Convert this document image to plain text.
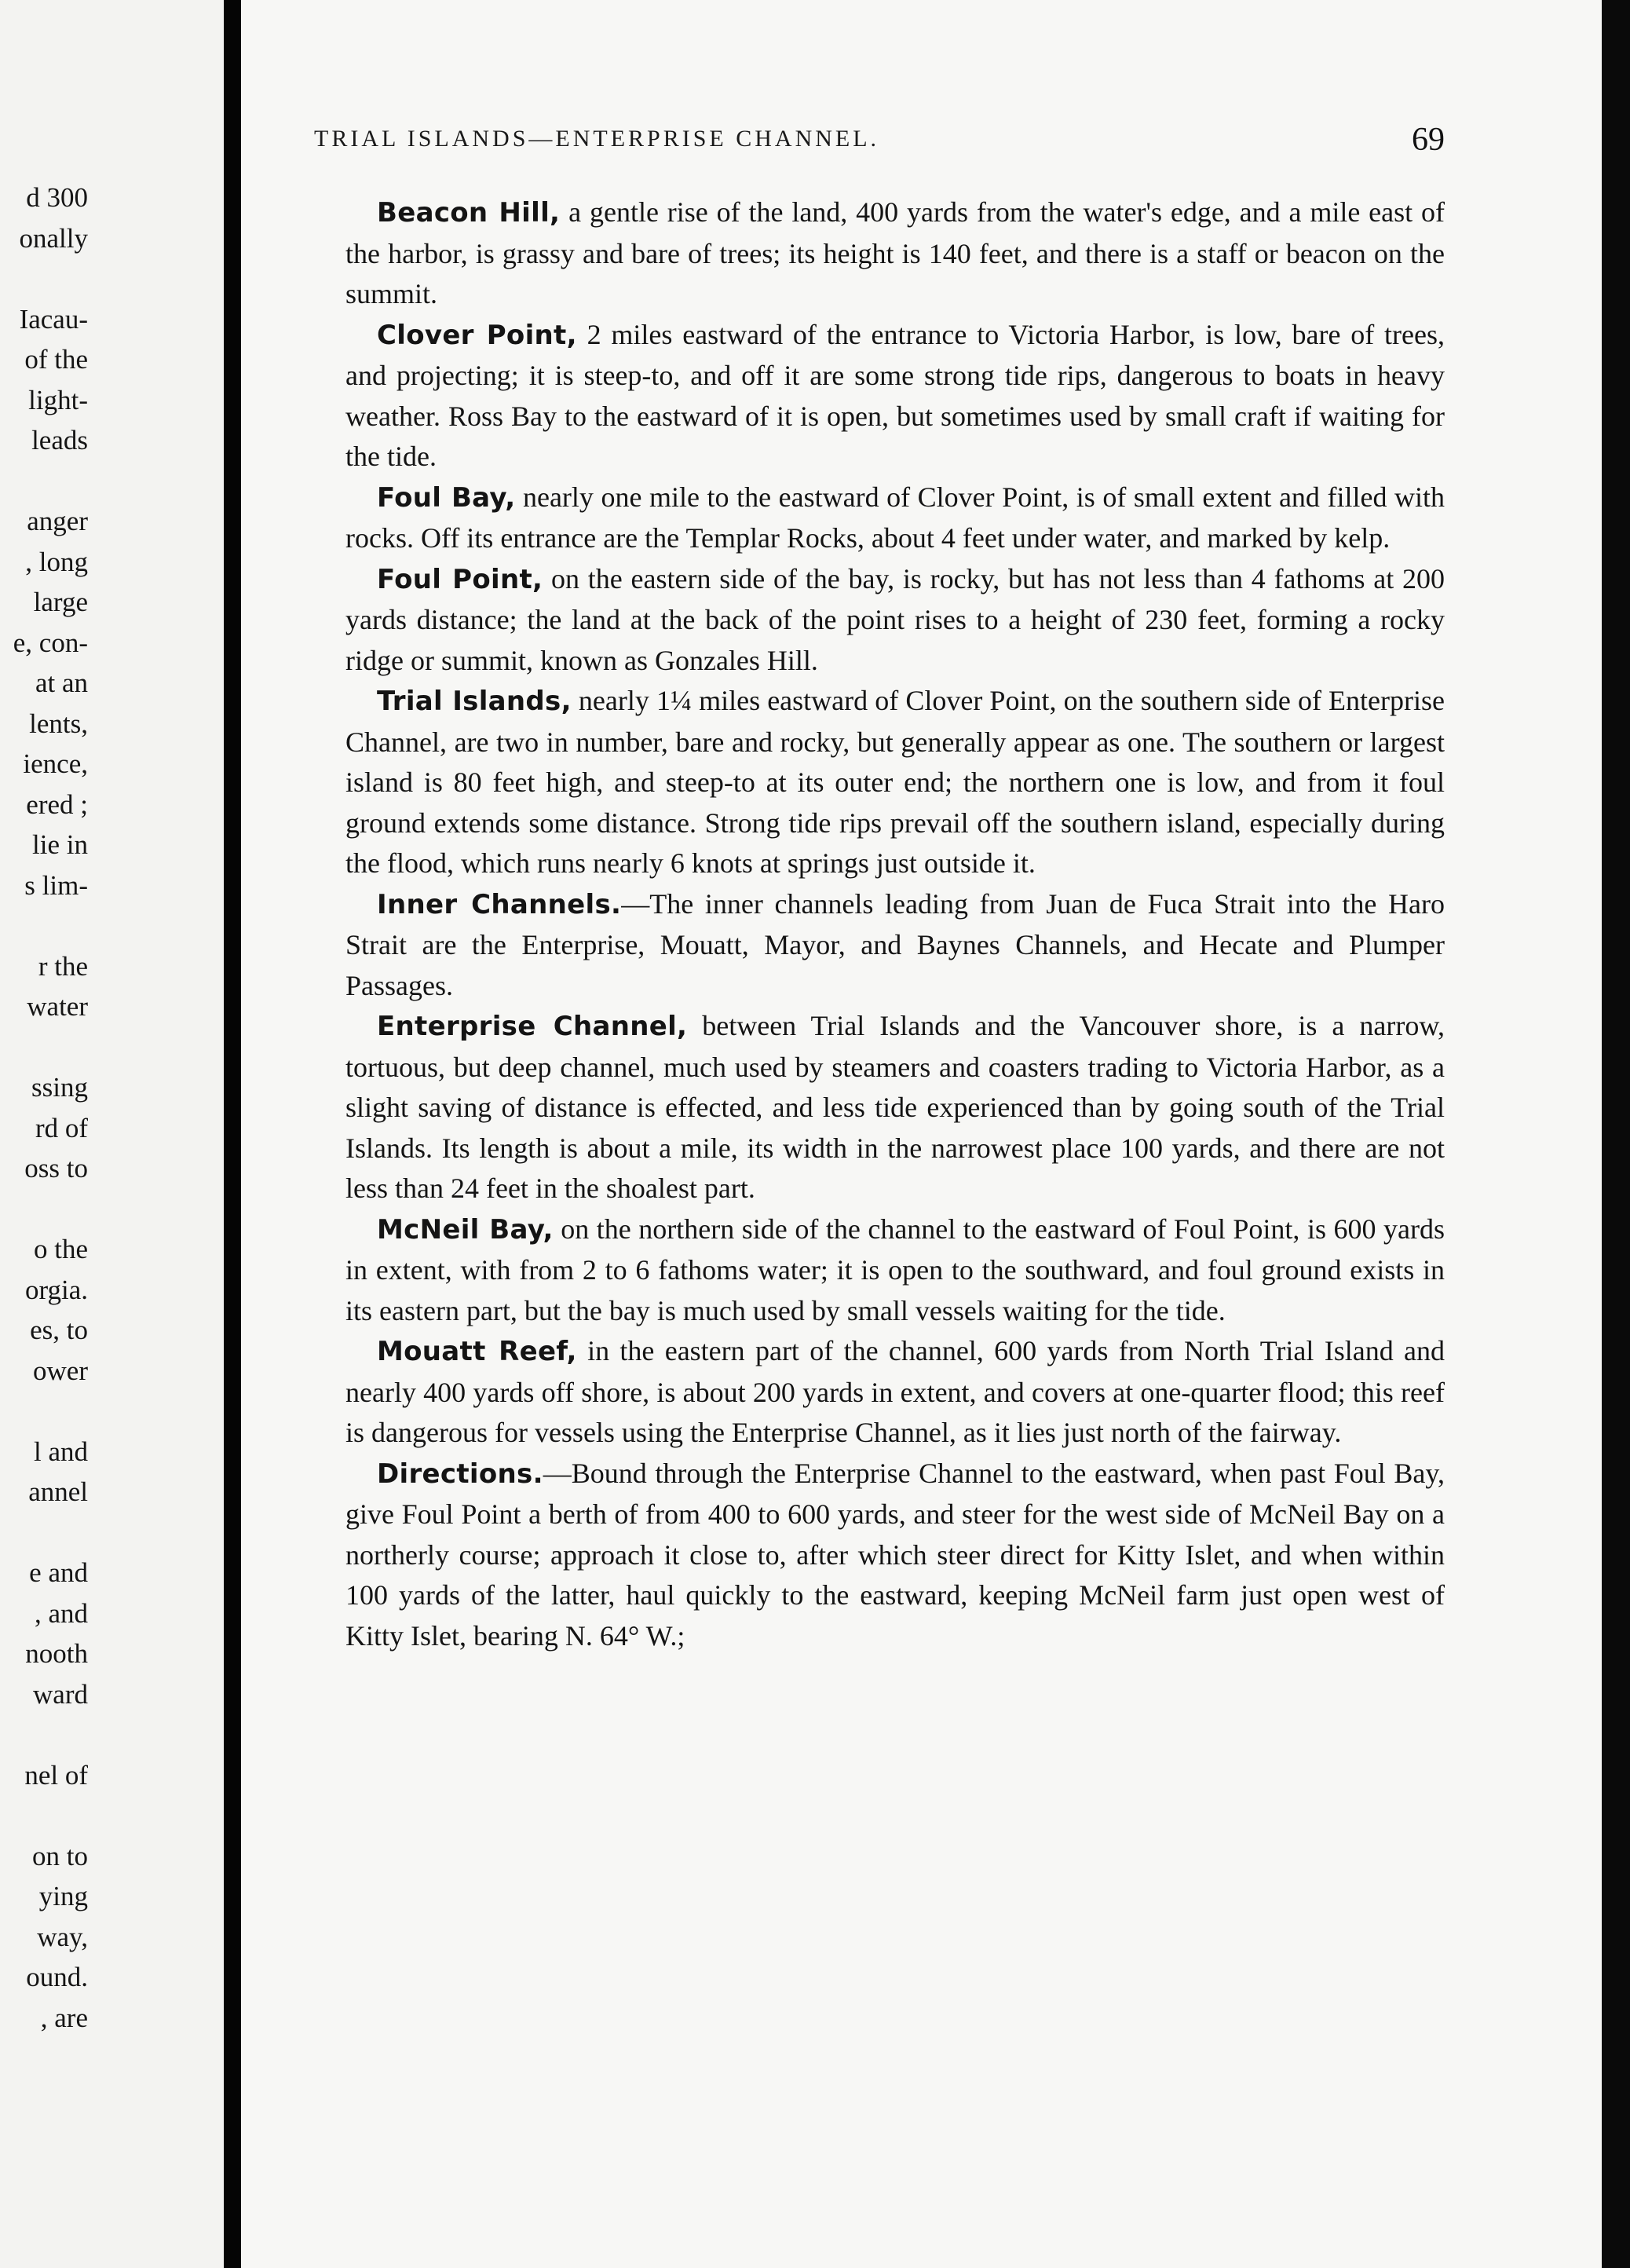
d 300
onally
Iacau-
of the
light-
leads
anger
, long
large
e, con-
at an
lents,
ience,
ered ;
lie in
s lim-
r the
water
ssing
rd of
oss to
o the
orgia.
es, to
ower
l and
annel
e and
, and
nooth
ward
nel of
on to
ying
way,
ound.
, are
TRIAL ISLANDS—ENTERPRISE CHANNEL.	69

Beacon Hill, a gentle rise of the land, 400 yards from the water's edge, and a mile east of the harbor, is grassy and bare of trees; its height is 140 feet, and there is a staff or beacon on the summit.

Clover Point, 2 miles eastward of the entrance to Victoria Harbor, is low, bare of trees, and projecting; it is steep-to, and off it are some strong tide rips, dangerous to boats in heavy weather. Ross Bay to the eastward of it is open, but sometimes used by small craft if waiting for the tide.

Foul Bay, nearly one mile to the eastward of Clover Point, is of small extent and filled with rocks. Off its entrance are the Templar Rocks, about 4 feet under water, and marked by kelp.

Foul Point, on the eastern side of the bay, is rocky, but has not less than 4 fathoms at 200 yards distance; the land at the back of the point rises to a height of 230 feet, forming a rocky ridge or summit, known as Gonzales Hill.

Trial Islands, nearly 1¼ miles eastward of Clover Point, on the southern side of Enterprise Channel, are two in number, bare and rocky, but generally appear as one. The southern or largest island is 80 feet high, and steep-to at its outer end; the northern one is low, and from it foul ground extends some distance. Strong tide rips prevail off the southern island, especially during the flood, which runs nearly 6 knots at springs just outside it.

Inner Channels.—The inner channels leading from Juan de Fuca Strait into the Haro Strait are the Enterprise, Mouatt, Mayor, and Baynes Channels, and Hecate and Plumper Passages.

Enterprise Channel, between Trial Islands and the Vancouver shore, is a narrow, tortuous, but deep channel, much used by steamers and coasters trading to Victoria Harbor, as a slight saving of distance is effected, and less tide experienced than by going south of the Trial Islands. Its length is about a mile, its width in the narrowest place 100 yards, and there are not less than 24 feet in the shoalest part.

McNeil Bay, on the northern side of the channel to the eastward of Foul Point, is 600 yards in extent, with from 2 to 6 fathoms water; it is open to the southward, and foul ground exists in its eastern part, but the bay is much used by small vessels waiting for the tide.

Mouatt Reef, in the eastern part of the channel, 600 yards from North Trial Island and nearly 400 yards off shore, is about 200 yards in extent, and covers at one-quarter flood; this reef is dangerous for vessels using the Enterprise Channel, as it lies just north of the fairway.

Directions.—Bound through the Enterprise Channel to the eastward, when past Foul Bay, give Foul Point a berth of from 400 to 600 yards, and steer for the west side of McNeil Bay on a northerly course; approach it close to, after which steer direct for Kitty Islet, and when within 100 yards of the latter, haul quickly to the eastward, keeping McNeil farm just open west of Kitty Islet, bearing N. 64° W.;
